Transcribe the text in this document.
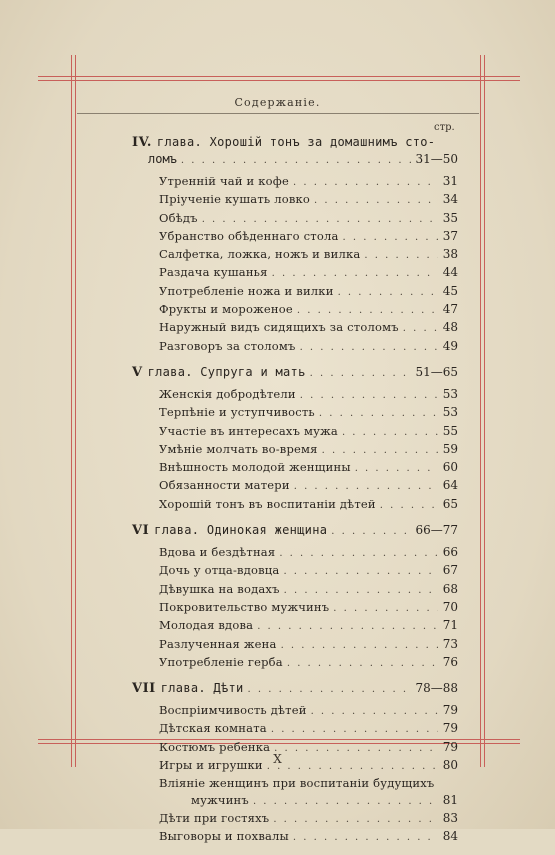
Содержаніе.
стр.
IV. глава. Хорошій тонъ за домашнимъ сто-
ломъ . . .	31—50
Утренній чай и кофе . . .	31
Пріученіе кушать ловко . . .	34
Обѣдъ . . .	35
Убранство обѣденнаго стола . . .	37
Салфетка, ложка, ножъ и вилка . . .	38
Раздача кушанья . . .	44
Употребленіе ножа и вилки . . .	45
Фрукты и мороженое . . .	47
Наружный видъ сидящихъ за столомъ . . .	48
Разговоръ за столомъ . . .	49
V глава. Супруга и мать . . .	51—65
Женскія добродѣтели . . .	53
Терпѣніе и уступчивость . . .	53
Участіе въ интересахъ мужа . . .	55
Умѣніе молчать во-время . . .	59
Внѣшность молодой женщины . . .	60
Обязанности матери . . .	64
Хорошій тонъ въ воспитаніи дѣтей . . .	65
VI глава. Одинокая женщина . . .	66—77
Вдова и бездѣтная . . .	66
Дочь у отца-вдовца . . .	67
Дѣвушка на водахъ . . .	68
Покровительство мужчинъ . . .	70
Молодая вдова . . .	71
Разлученная жена . . .	73
Употребленіе герба . . .	76
VII глава. Дѣти . . .	78—88
Воспріимчивость дѣтей . . .	79
Дѣтская комната . . .	79
Костюмъ ребенка . . .	79
Игры и игрушки . . .	80
Вліяніе женщинъ при воспитаніи будущихъ
мужчинъ . . .	81
Дѣти при гостяхъ . . .	83
Выговоры и похвалы . . .	84
X
